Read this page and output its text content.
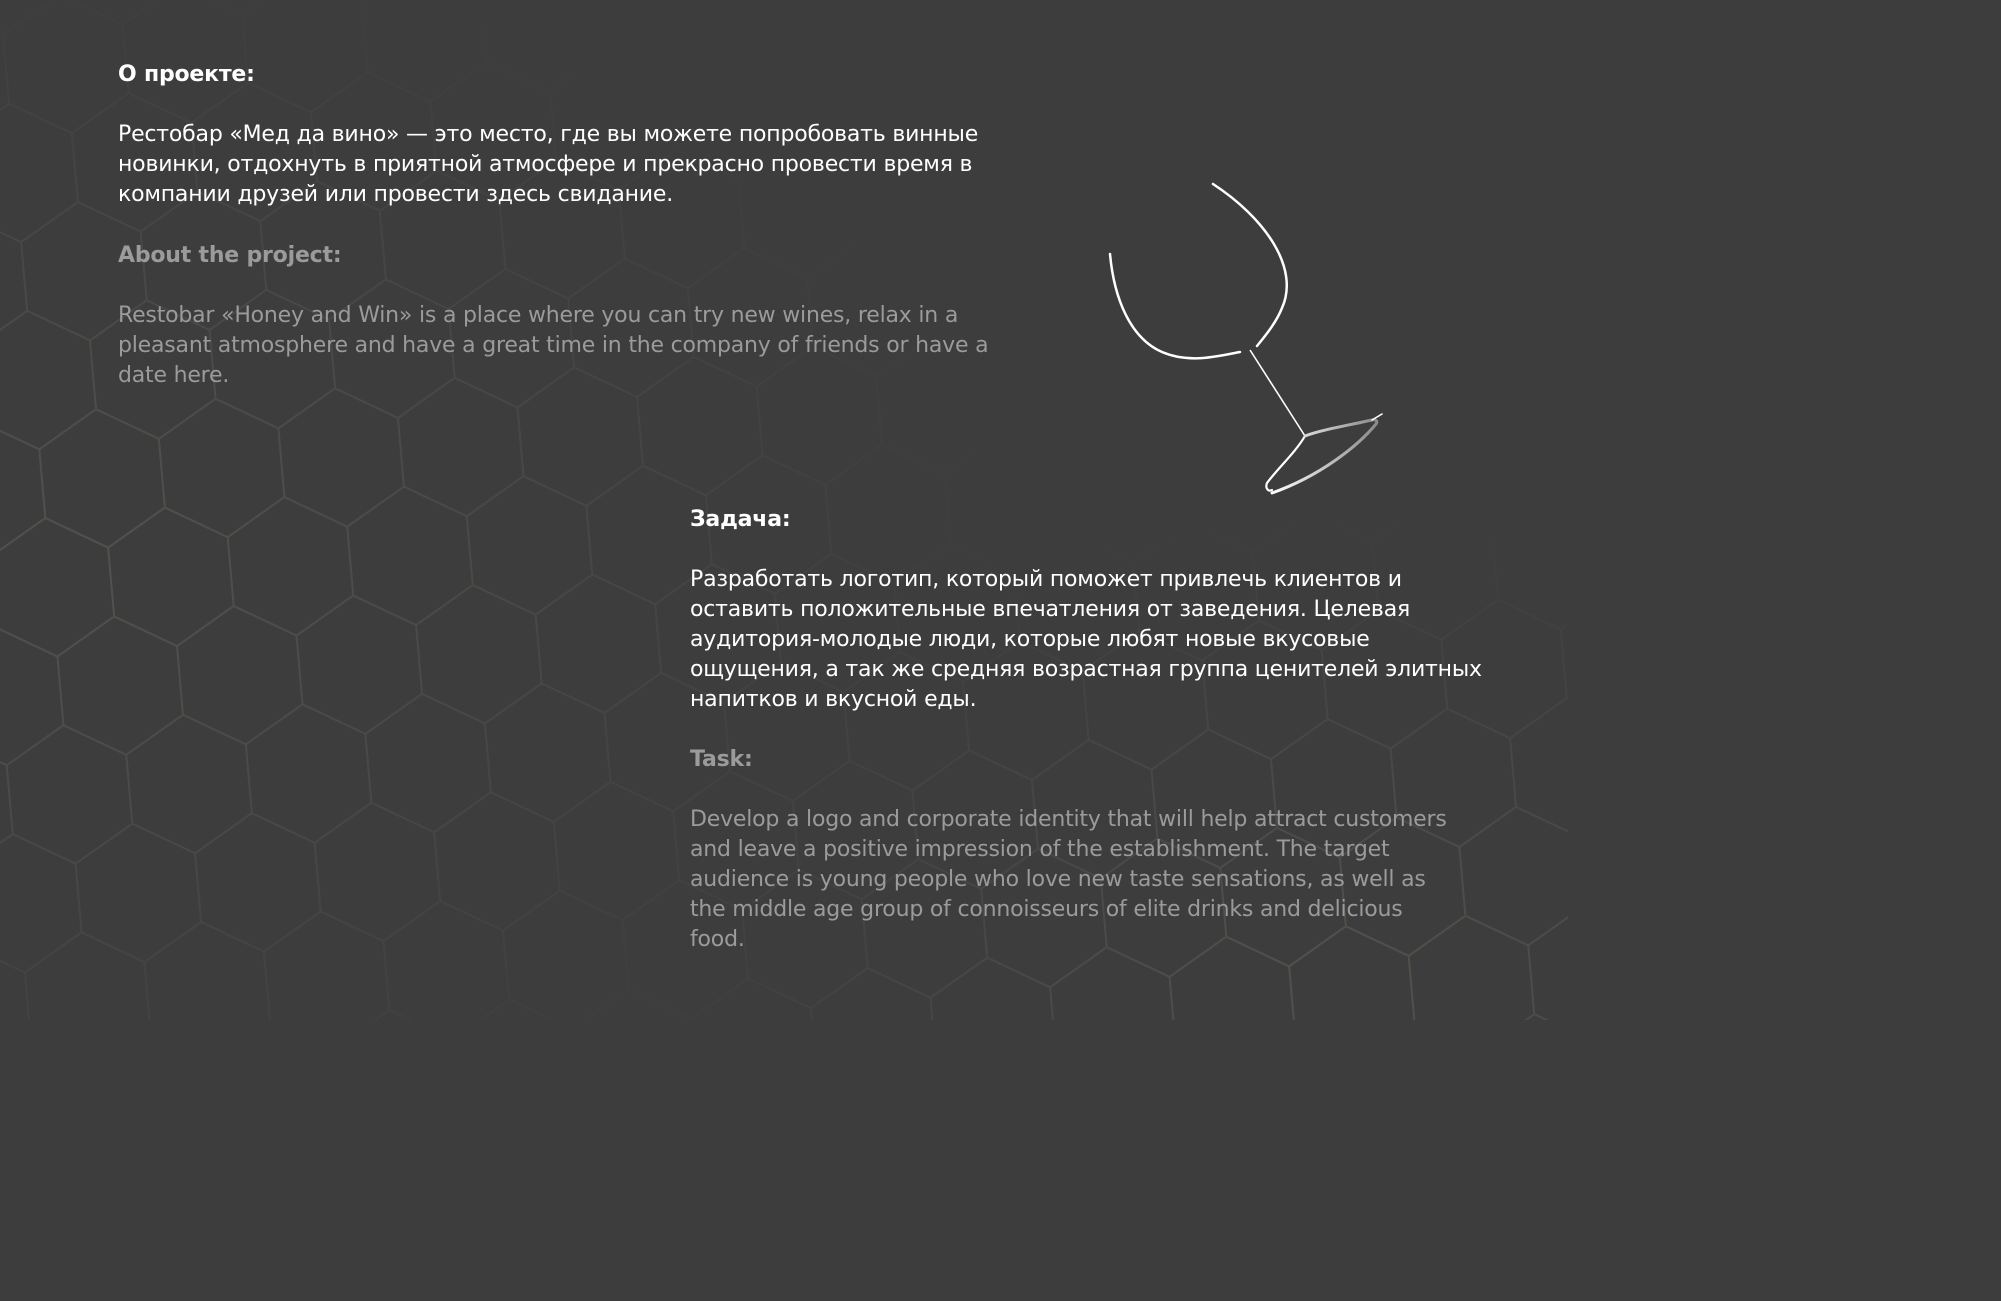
О проекте:

Рестобар «Мед да вино» — это место, где вы можете попробовать винные
новинки, отдохнуть в приятной атмосфере и прекрасно провести время в
компании друзей или провести здесь свидание.

About the project:

Restobar «Honey and Win» is a place where you can try new wines, relax in a
pleasant atmosphere and have a great time in the company of friends or have a
date here.

Задача:

Разработать логотип, который поможет привлечь клиентов и
оставить положительные впечатления от заведения. Целевая
аудитория-молодые люди, которые любят новые вкусовые
ощущения, а так же средняя возрастная группа ценителей элитных
напитков и вкусной еды.

Task:

Develop a logo and corporate identity that will help attract customers
and leave a positive impression of the establishment. The target
audience is young people who love new taste sensations, as well as
the middle age group of connoisseurs of elite drinks and delicious
food.
